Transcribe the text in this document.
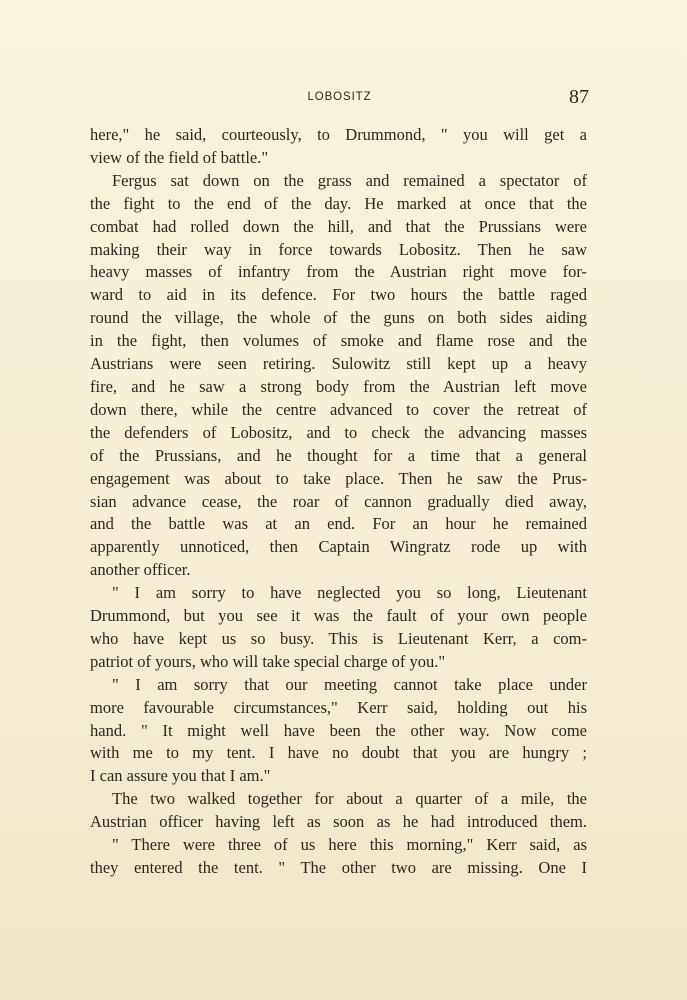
LOBOSITZ	87
here," he said, courteously, to Drummond, " you will get a
view of the field of battle."
Fergus sat down on the grass and remained a spectator of
the fight to the end of the day. He marked at once that the
combat had rolled down the hill, and that the Prussians were
making their way in force towards Lobositz. Then he saw
heavy masses of infantry from the Austrian right move for-
ward to aid in its defence. For two hours the battle raged
round the village, the whole of the guns on both sides aiding
in the fight, then volumes of smoke and flame rose and the
Austrians were seen retiring. Sulowitz still kept up a heavy
fire, and he saw a strong body from the Austrian left move
down there, while the centre advanced to cover the retreat of
the defenders of Lobositz, and to check the advancing masses
of the Prussians, and he thought for a time that a general
engagement was about to take place. Then he saw the Prus-
sian advance cease, the roar of cannon gradually died away,
and the battle was at an end. For an hour he remained
apparently unnoticed, then Captain Wingratz rode up with
another officer.
" I am sorry to have neglected you so long, Lieutenant
Drummond, but you see it was the fault of your own people
who have kept us so busy. This is Lieutenant Kerr, a com-
patriot of yours, who will take special charge of you."
" I am sorry that our meeting cannot take place under
more favourable circumstances," Kerr said, holding out his
hand. " It might well have been the other way. Now come
with me to my tent. I have no doubt that you are hungry ;
I can assure you that I am."
The two walked together for about a quarter of a mile, the
Austrian officer having left as soon as he had introduced them.
" There were three of us here this morning," Kerr said, as
they entered the tent. " The other two are missing. One I
